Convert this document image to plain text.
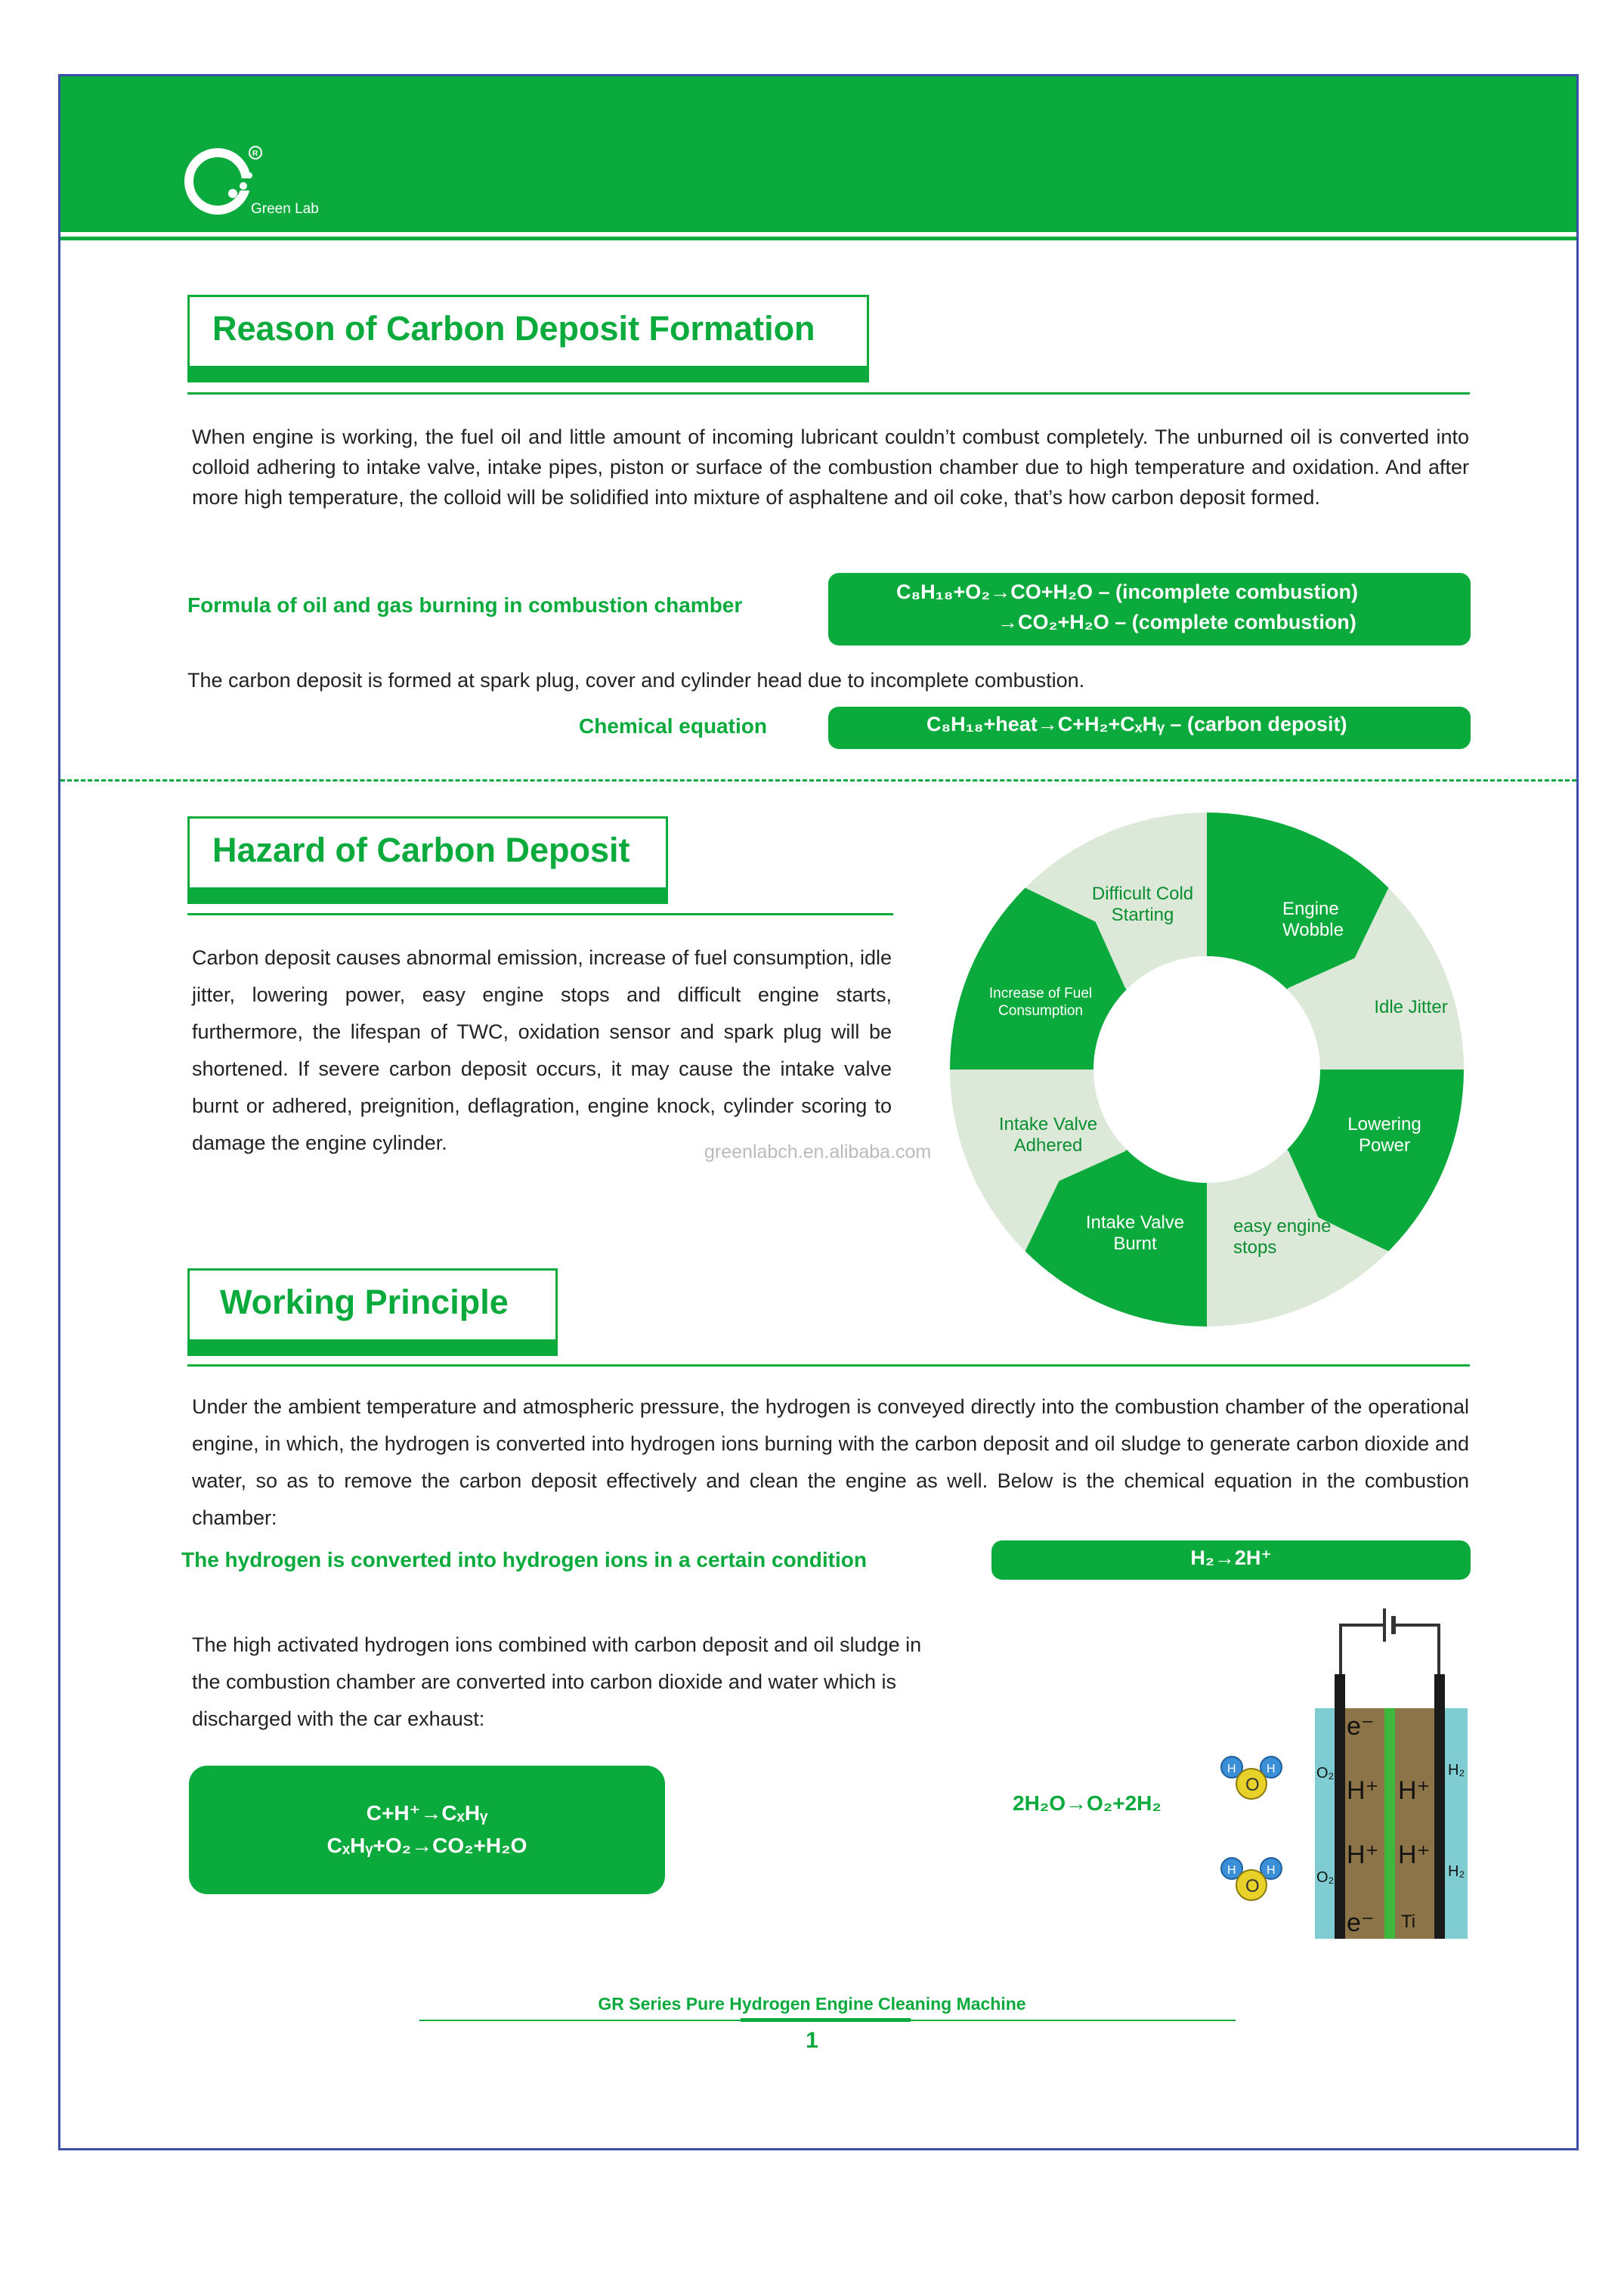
R
Green Lab
Reason of Carbon Deposit Formation
When engine is working, the fuel oil and little amount of incoming lubricant couldn’t combust completely. The unburned oil is converted into colloid adhering to intake valve, intake pipes, piston or surface of the combustion chamber due to high temperature and oxidation. And after more high temperature, the colloid will be solidified into mixture of asphaltene and oil coke, that’s how carbon deposit formed.
Formula of oil and gas burning in combustion chamber
C₈H₁₈+O₂→CO+H₂O – (incomplete combustion)
→CO₂+H₂O – (complete combustion)
The carbon deposit is formed at spark plug, cover and cylinder head due to incomplete combustion.
Chemical equation	C₈H₁₈+heat→C+H₂+CₓHᵧ – (carbon deposit)
Hazard of Carbon Deposit
Carbon deposit causes abnormal emission, increase of fuel consumption, idle jitter, lowering power, easy engine stops and difficult engine starts, furthermore, the lifespan of TWC, oxidation sensor and spark plug will be shortened. If severe carbon deposit occurs, it may cause the intake valve burnt or adhered, preignition, deflagration, engine knock, cylinder scoring to damage the engine cylinder.	greenlabch.en.alibaba.com
Engine
Wobble
Idle Jitter
Lowering
Power
easy engine
stops
Intake Valve
Burnt
Intake Valve
Adhered
Increase of Fuel
Consumption
Difficult Cold
Starting
Working Principle
Under the ambient temperature and atmospheric pressure, the hydrogen is conveyed directly into the combustion chamber of the operational engine, in which, the hydrogen is converted into hydrogen ions burning with the carbon deposit and oil sludge to generate carbon dioxide and water, so as to remove the carbon deposit effectively and clean the engine as well. Below is the chemical equation in the combustion chamber:
The hydrogen is converted into hydrogen ions in a certain condition	H₂→2H⁺
The high activated hydrogen ions combined with carbon deposit and oil sludge in the combustion chamber are converted into carbon dioxide and water which is discharged with the car exhaust:
C+H⁺→CₓHᵧ
CₓHᵧ+O₂→CO₂+H₂O
2H₂O→O₂+2H₂
e⁻
e⁻
H⁺ H⁺
H⁺ H⁺
Ti
O₂
O₂
H₂
H₂
H	H
O
H	H
O
GR Series Pure Hydrogen Engine Cleaning Machine
1
